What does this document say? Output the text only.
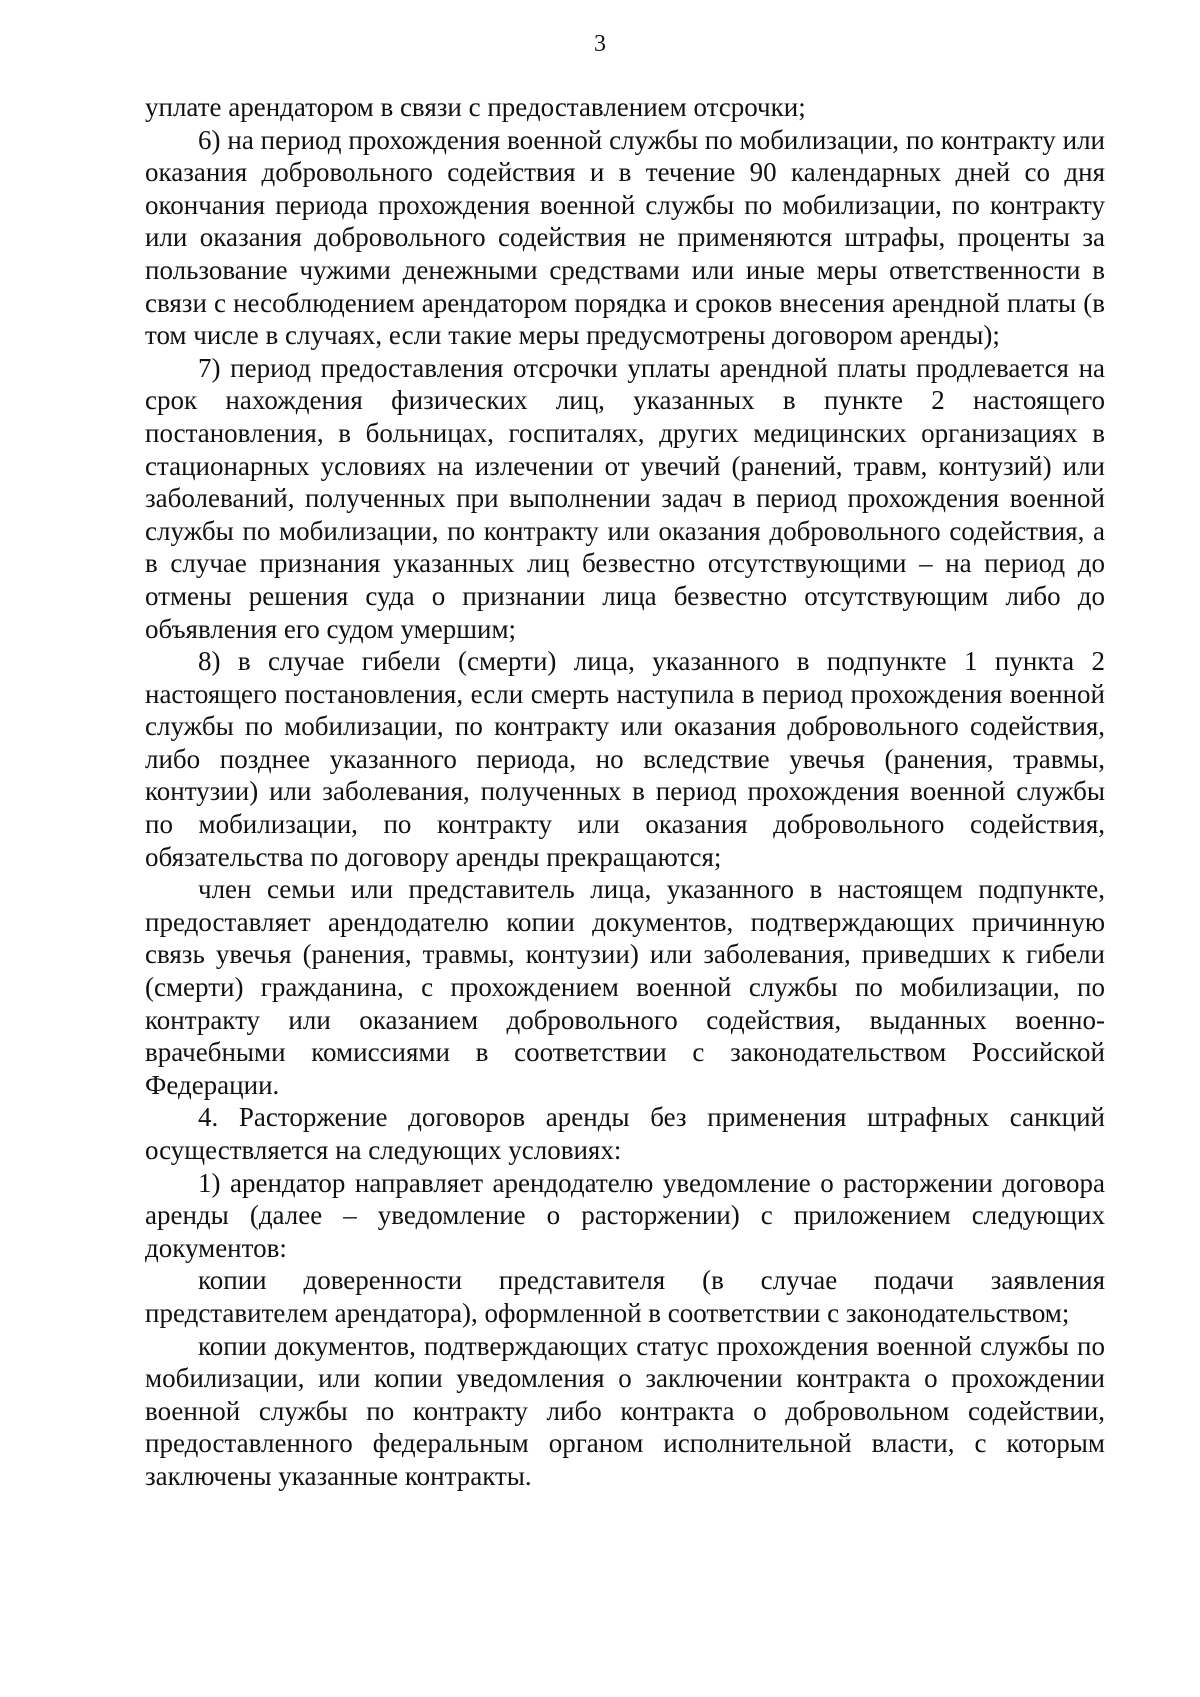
3

уплате арендатором в связи с предоставлением отсрочки;

6) на период прохождения военной службы по мобилизации, по контракту или оказания добровольного содействия и в течение 90 календарных дней со дня окончания периода прохождения военной службы по мобилизации, по контракту или оказания добровольного содействия не применяются штрафы, проценты за пользование чужими денежными средствами или иные меры ответственности в связи с несоблюдением арендатором порядка и сроков внесения арендной платы (в том числе в случаях, если такие меры предусмотрены договором аренды);

7) период предоставления отсрочки уплаты арендной платы продлевается на срок нахождения физических лиц, указанных в пункте 2 настоящего постановления, в больницах, госпиталях, других медицинских организациях в стационарных условиях на излечении от увечий (ранений, травм, контузий) или заболеваний, полученных при выполнении задач в период прохождения военной службы по мобилизации, по контракту или оказания добровольного содействия, а в случае признания указанных лиц безвестно отсутствующими – на период до отмены решения суда о признании лица безвестно отсутствующим либо до объявления его судом умершим;

8) в случае гибели (смерти) лица, указанного в подпункте 1 пункта 2 настоящего постановления, если смерть наступила в период прохождения военной службы по мобилизации, по контракту или оказания добровольного содействия, либо позднее указанного периода, но вследствие увечья (ранения, травмы, контузии) или заболевания, полученных в период прохождения военной службы по мобилизации, по контракту или оказания добровольного содействия, обязательства по договору аренды прекращаются;

член семьи или представитель лица, указанного в настоящем подпункте, предоставляет арендодателю копии документов, подтверждающих причинную связь увечья (ранения, травмы, контузии) или заболевания, приведших к гибели (смерти) гражданина, с прохождением военной службы по мобилизации, по контракту или оказанием добровольного содействия, выданных военно-врачебными комиссиями в соответствии с законодательством Российской Федерации.

4. Расторжение договоров аренды без применения штрафных санкций осуществляется на следующих условиях:

1) арендатор направляет арендодателю уведомление о расторжении договора аренды (далее – уведомление о расторжении) с приложением следующих документов:

копии доверенности представителя (в случае подачи заявления представителем арендатора), оформленной в соответствии с законодательством;

копии документов, подтверждающих статус прохождения военной службы по мобилизации, или копии уведомления о заключении контракта о прохождении военной службы по контракту либо контракта о добровольном содействии, предоставленного федеральным органом исполнительной власти, с которым заключены указанные контракты.
